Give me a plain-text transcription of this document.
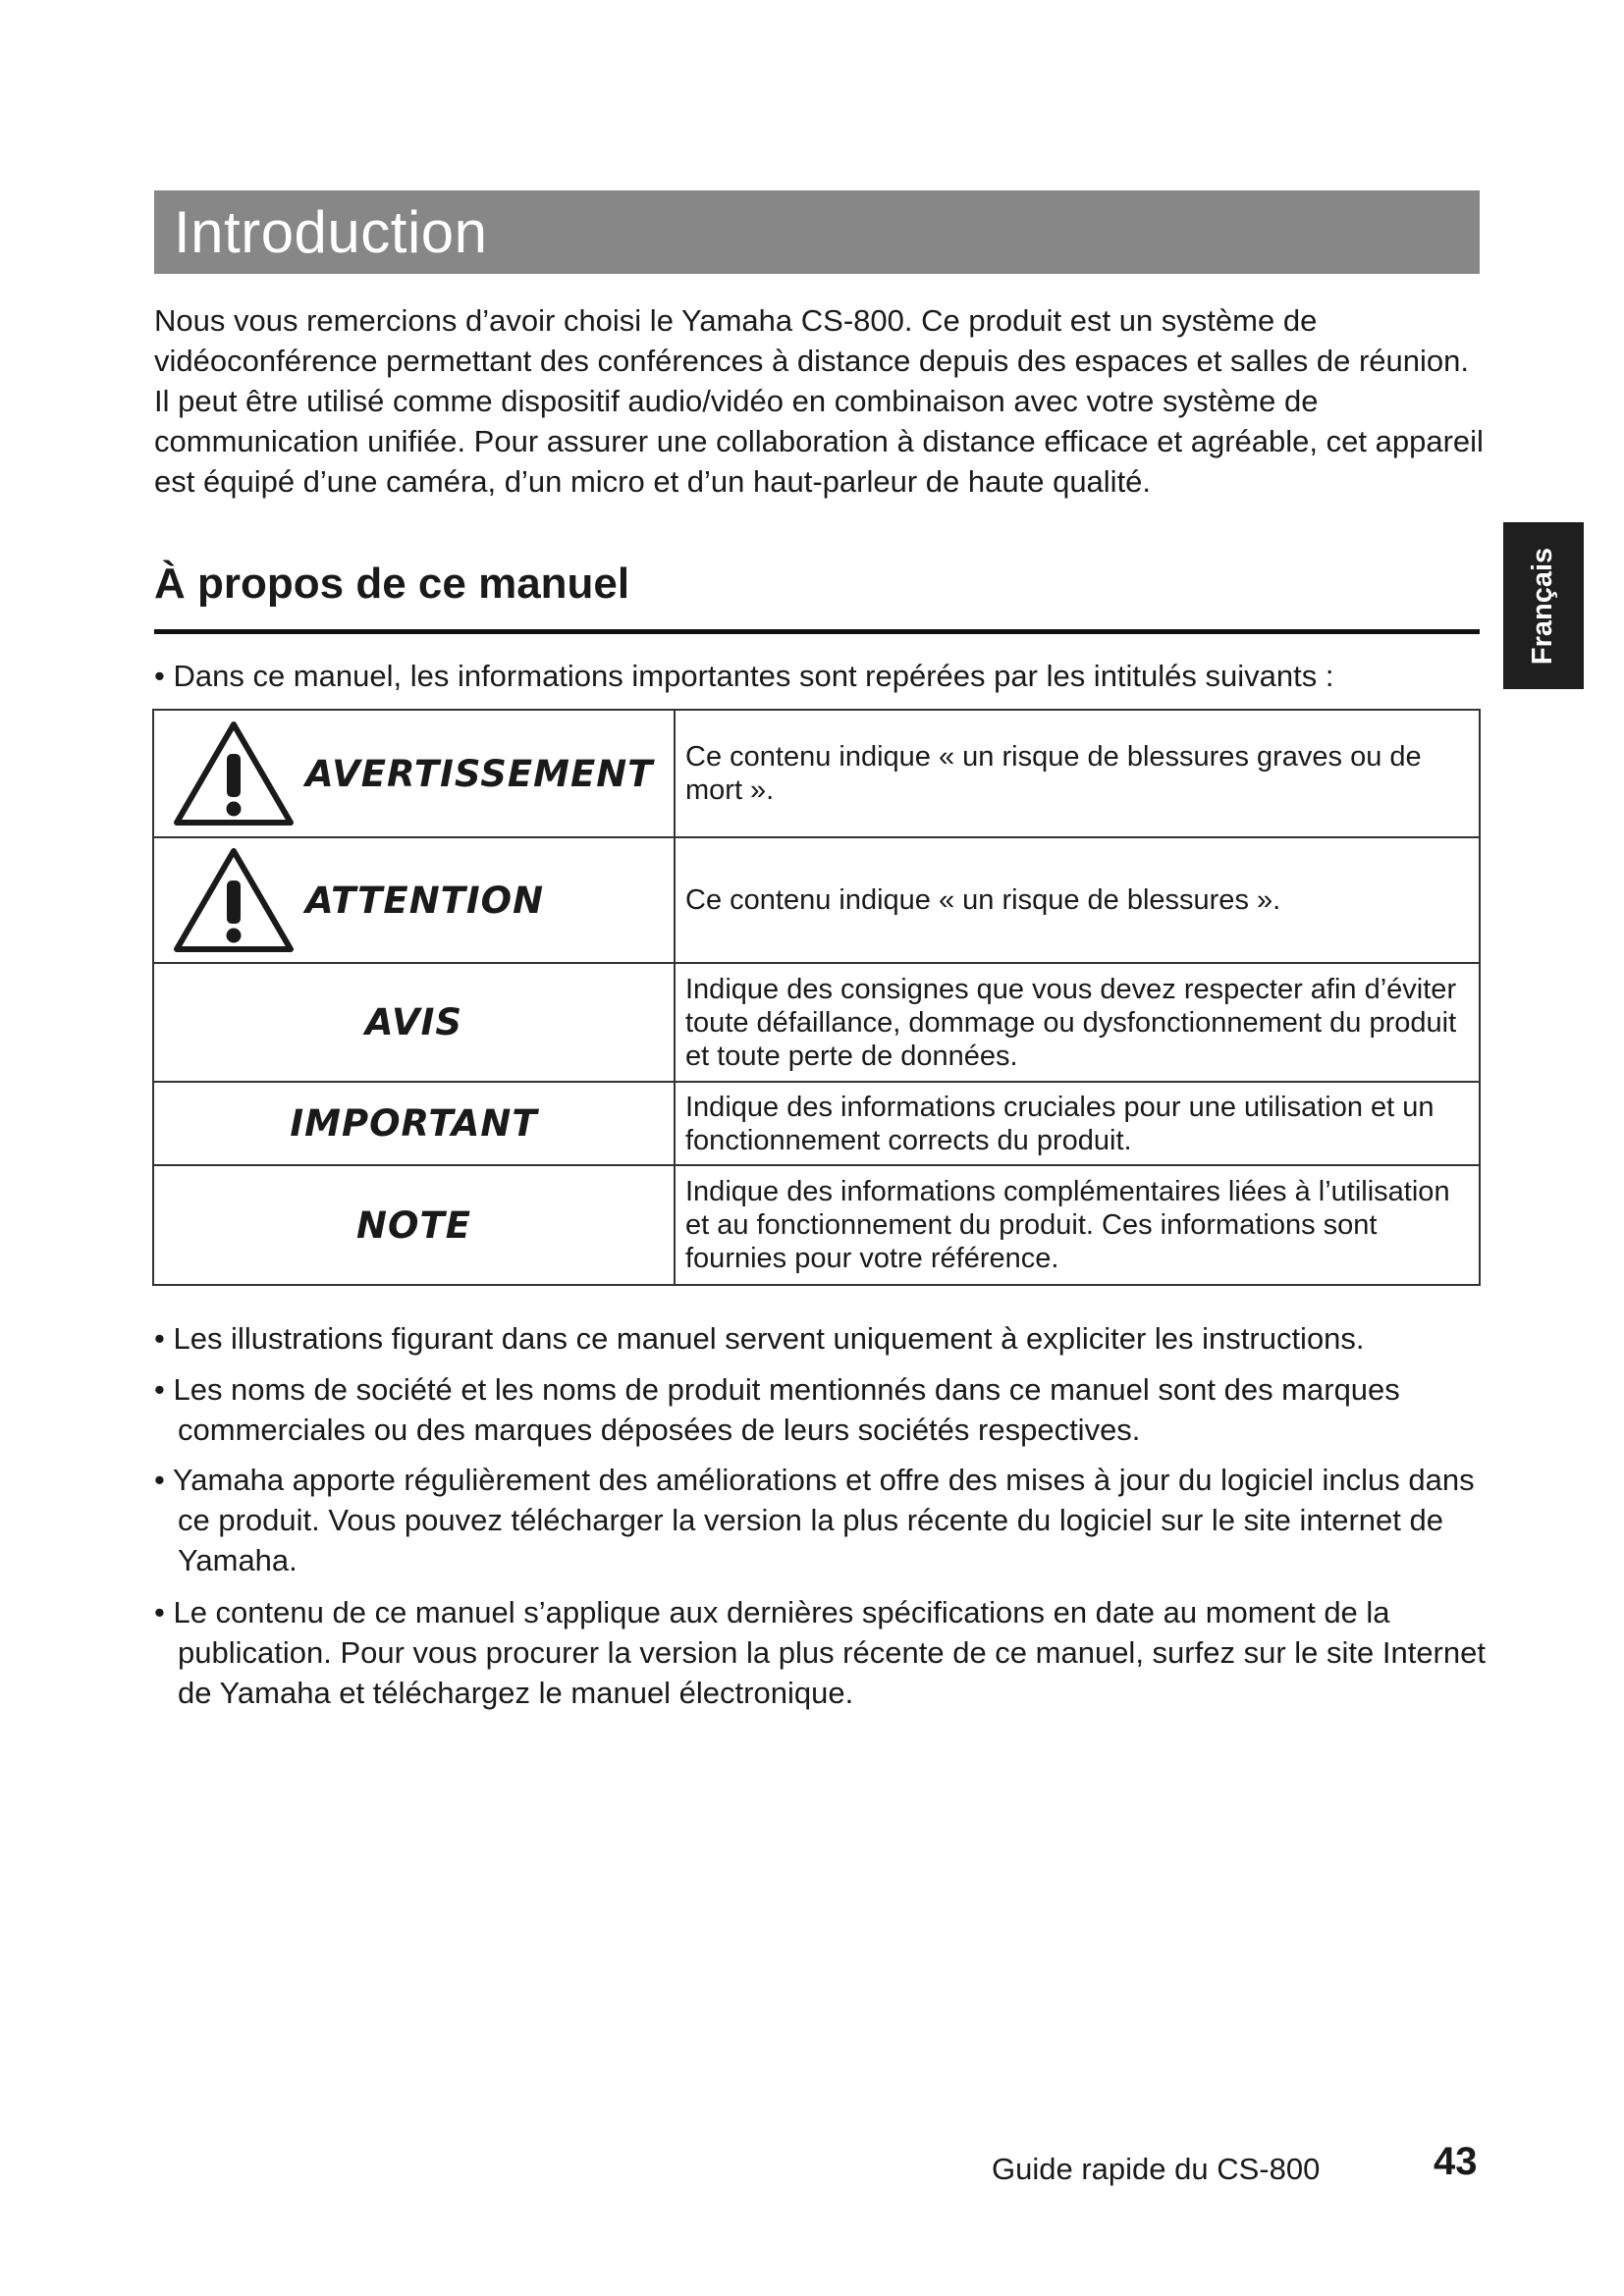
Introduction

Nous vous remercions d’avoir choisi le Yamaha CS-800. Ce produit est un système de vidéoconférence permettant des conférences à distance depuis des espaces et salles de réunion. Il peut être utilisé comme dispositif audio/vidéo en combinaison avec votre système de communication unifiée. Pour assurer une collaboration à distance efficace et agréable, cet appareil est équipé d’une caméra, d’un micro et d’un haut-parleur de haute qualité.

Français
À propos de ce manuel

• Dans ce manuel, les informations importantes sont repérées par les intitulés suivants :

AVERTISSEMENT	Ce contenu indique « un risque de blessures graves ou de mort ».

ATTENTION	Ce contenu indique « un risque de blessures ».
AVIS	Indique des consignes que vous devez respecter afin d’éviter toute défaillance, dommage ou dysfonctionnement du produit et toute perte de données.
IMPORTANT	Indique des informations cruciales pour une utilisation et un fonctionnement corrects du produit.
NOTE	Indique des informations complémentaires liées à l’utilisation et au fonctionnement du produit. Ces informations sont fournies pour votre référence.

• Les illustrations figurant dans ce manuel servent uniquement à expliciter les instructions.

• Les noms de société et les noms de produit mentionnés dans ce manuel sont des marques commerciales ou des marques déposées de leurs sociétés respectives.

• Yamaha apporte régulièrement des améliorations et offre des mises à jour du logiciel inclus dans ce produit. Vous pouvez télécharger la version la plus récente du logiciel sur le site internet de Yamaha.

• Le contenu de ce manuel s’applique aux dernières spécifications en date au moment de la publication. Pour vous procurer la version la plus récente de ce manuel, surfez sur le site Internet de Yamaha et téléchargez le manuel électronique.

Guide rapide du CS-800	43
